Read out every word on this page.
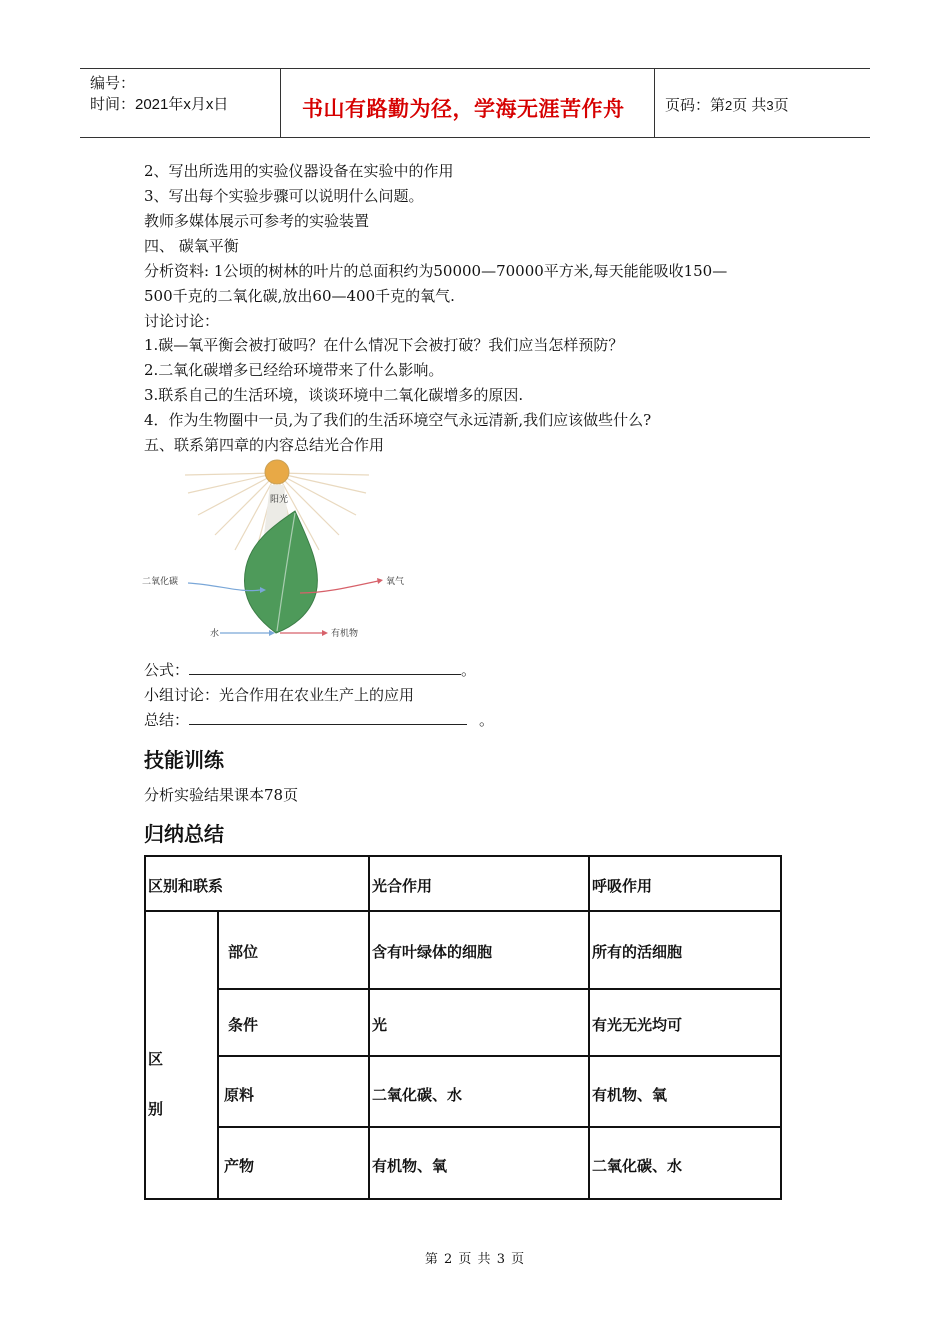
编号：
时间：2021年x月x日	书山有路勤为径，学海无涯苦作舟	页码：第2页 共3页
2、写出所选用的实验仪器设备在实验中的作用
3、写出每个实验步骤可以说明什么问题。
教师多媒体展示可参考的实验装置
四、 碳氧平衡
分析资料: 1公顷的树林的叶片的总面积约为50000—70000平方米,每天能能吸收150—
500千克的二氧化碳,放出60—400千克的氧气.
讨论讨论：
1.碳—氧平衡会被打破吗？在什么情况下会被打破？我们应当怎样预防？
2.二氧化碳增多已经给环境带来了什么影响。
3.联系自己的生活环境，谈谈环境中二氧化碳增多的原因.
4．作为生物圈中一员,为了我们的生活环境空气永远清新,我们应该做些什么?
五、联系第四章的内容总结光合作用
阳光
二氧化碳	氧气
水	有机物
公式：	。
小组讨论：光合作用在农业生产上的应用
总结：	。
技能训练
分析实验结果课本78页
归纳总结
区别和联系	光合作用	呼吸作用
区
别
部位	含有叶绿体的细胞	所有的活细胞
条件	光	有光无光均可
原料	二氧化碳、水	有机物、氧
产物	有机物、氧	二氧化碳、水
第 2 页 共 3 页
